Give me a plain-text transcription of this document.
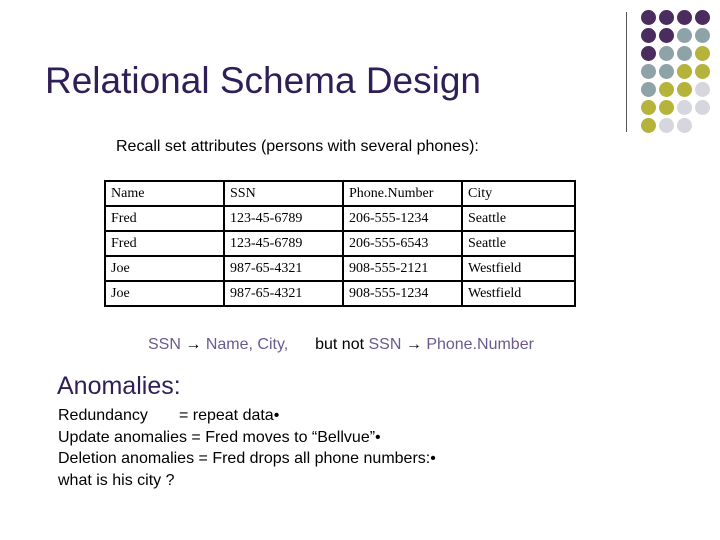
Relational Schema Design
Recall set attributes (persons with several phones):
Name	SSN	Phone.Number	City
Fred	123-45-6789	206-555-1234	Seattle
Fred	123-45-6789	206-555-6543	Seattle
Joe	987-65-4321	908-555-2121	Westfield
Joe	987-65-4321	908-555-1234	Westfield
SSN → Name, City, but not SSN → Phone.Number
Anomalies:
Redundancy       = repeat data•
Update anomalies = Fred moves to “Bellvue”•
Deletion anomalies = Fred drops all phone numbers:•
what is his city ?
